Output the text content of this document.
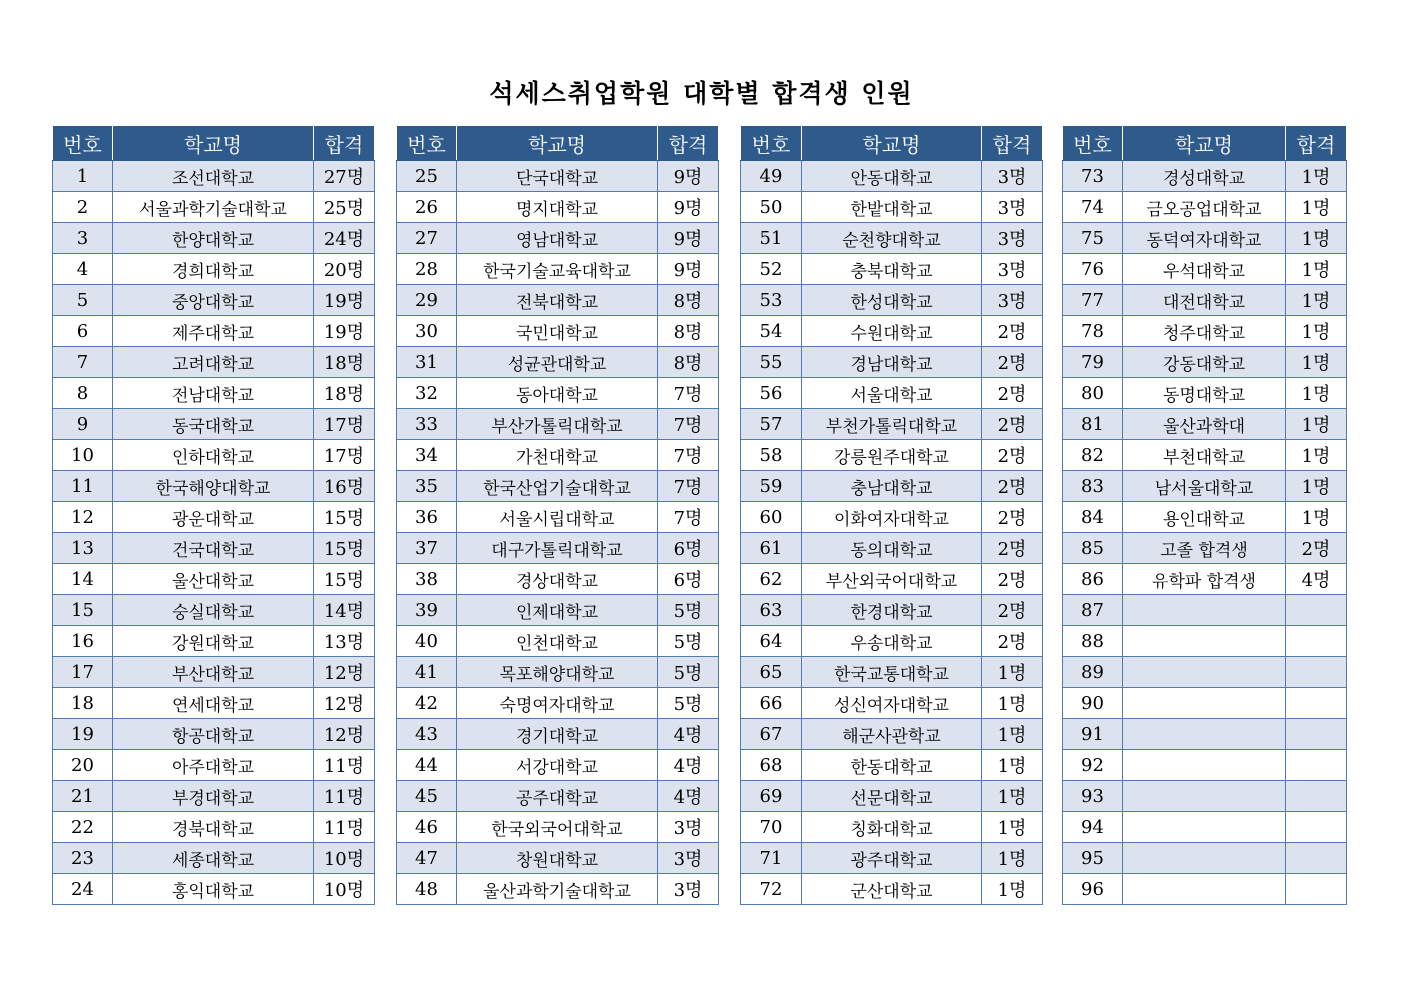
석세스취업학원 대학별 합격생 인원
번호	학교명	합격
1	조선대학교	27명
2	서울과학기술대학교	25명
3	한양대학교	24명
4	경희대학교	20명
5	중앙대학교	19명
6	제주대학교	19명
7	고려대학교	18명
8	전남대학교	18명
9	동국대학교	17명
10	인하대학교	17명
11	한국해양대학교	16명
12	광운대학교	15명
13	건국대학교	15명
14	울산대학교	15명
15	숭실대학교	14명
16	강원대학교	13명
17	부산대학교	12명
18	연세대학교	12명
19	항공대학교	12명
20	아주대학교	11명
21	부경대학교	11명
22	경북대학교	11명
23	세종대학교	10명
24	홍익대학교	10명
번호	학교명	합격
25	단국대학교	9명
26	명지대학교	9명
27	영남대학교	9명
28	한국기술교육대학교	9명
29	전북대학교	8명
30	국민대학교	8명
31	성균관대학교	8명
32	동아대학교	7명
33	부산가톨릭대학교	7명
34	가천대학교	7명
35	한국산업기술대학교	7명
36	서울시립대학교	7명
37	대구가톨릭대학교	6명
38	경상대학교	6명
39	인제대학교	5명
40	인천대학교	5명
41	목포해양대학교	5명
42	숙명여자대학교	5명
43	경기대학교	4명
44	서강대학교	4명
45	공주대학교	4명
46	한국외국어대학교	3명
47	창원대학교	3명
48	울산과학기술대학교	3명
번호	학교명	합격
49	안동대학교	3명
50	한밭대학교	3명
51	순천향대학교	3명
52	충북대학교	3명
53	한성대학교	3명
54	수원대학교	2명
55	경남대학교	2명
56	서울대학교	2명
57	부천가톨릭대학교	2명
58	강릉원주대학교	2명
59	충남대학교	2명
60	이화여자대학교	2명
61	동의대학교	2명
62	부산외국어대학교	2명
63	한경대학교	2명
64	우송대학교	2명
65	한국교통대학교	1명
66	성신여자대학교	1명
67	해군사관학교	1명
68	한동대학교	1명
69	선문대학교	1명
70	칭화대학교	1명
71	광주대학교	1명
72	군산대학교	1명
번호	학교명	합격
73	경성대학교	1명
74	금오공업대학교	1명
75	동덕여자대학교	1명
76	우석대학교	1명
77	대전대학교	1명
78	청주대학교	1명
79	강동대학교	1명
80	동명대학교	1명
81	울산과학대	1명
82	부천대학교	1명
83	남서울대학교	1명
84	용인대학교	1명
85	고졸 합격생	2명
86	유학파 합격생	4명
87		
88		
89		
90		
91		
92		
93		
94		
95		
96		
